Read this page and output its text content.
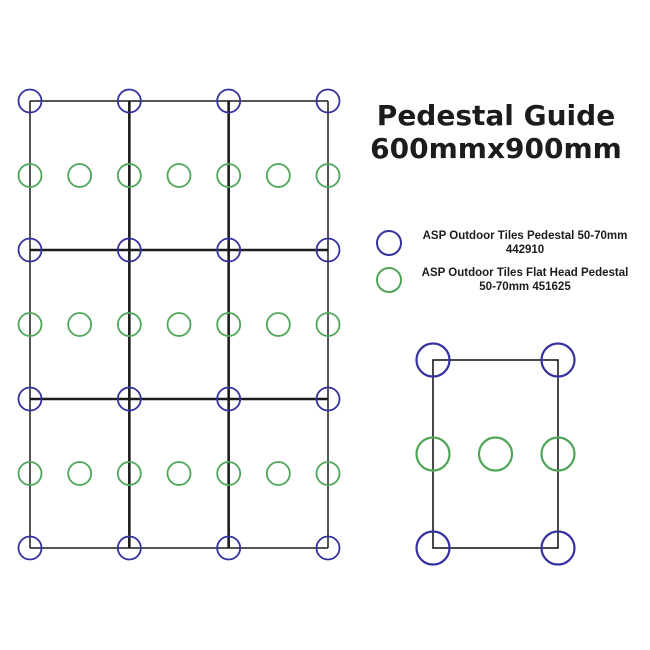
Pedestal Guide
600mmx900mm
ASP Outdoor Tiles Pedestal 50-70mm
442910
ASP Outdoor Tiles Flat Head Pedestal
50-70mm 451625
